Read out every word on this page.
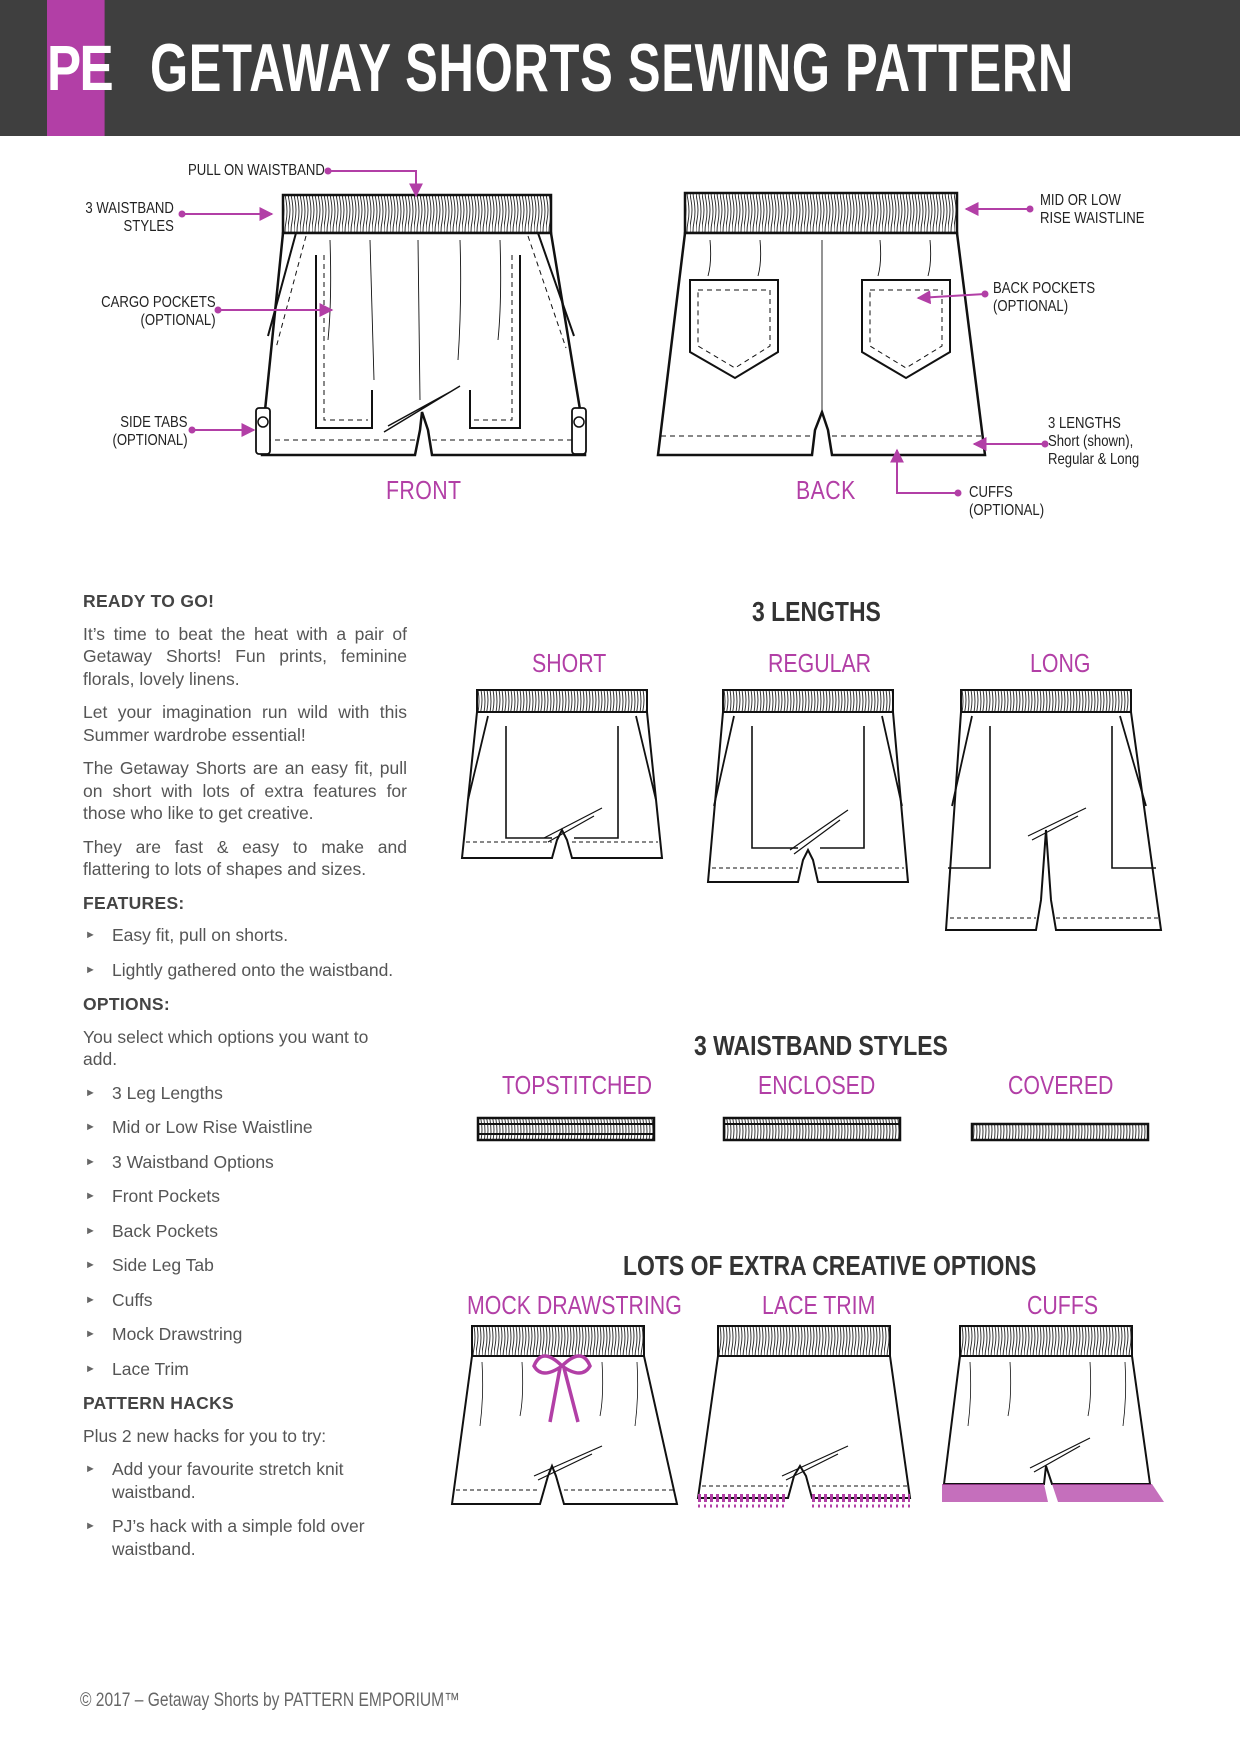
PE GETAWAY SHORTS SEWING PATTERN
PULL ON WAISTBAND
3 WAISTBAND
STYLES
CARGO POCKETS
(OPTIONAL)
SIDE TABS
(OPTIONAL)
MID OR LOW
RISE WAISTLINE
BACK POCKETS
(OPTIONAL)
3 LENGTHS
Short (shown),
Regular & Long
CUFFS
(OPTIONAL)
FRONT	BACK
READY TO GO!

It’s time to beat the heat with a pair of Getaway Shorts! Fun prints, feminine florals, lovely linens.

Let your imagination run wild with this Summer wardrobe essential!

The Getaway Shorts are an easy fit, pull on short with lots of extra features for those who like to get creative.

They are fast & easy to make and flattering to lots of shapes and sizes.

FEATURES:
► Easy fit, pull on shorts.
► Lightly gathered onto the waistband.
OPTIONS:

You select which options you want to add.

► 3 Leg Lengths
► Mid or Low Rise Waistline
► 3 Waistband Options
► Front Pockets
► Back Pockets
► Side Leg Tab
► Cuffs
► Mock Drawstring
► Lace Trim
PATTERN HACKS

Plus 2 new hacks for you to try:

► Add your favourite stretch knit waistband.
► PJ’s hack with a simple fold over waistband.
3 LENGTHS
SHORT	REGULAR	LONG
3 WAISTBAND STYLES
TOPSTITCHED	ENCLOSED	COVERED
LOTS OF EXTRA CREATIVE OPTIONS
MOCK DRAWSTRING	LACE TRIM	CUFFS
© 2017 – Getaway Shorts by PATTERN EMPORIUM™
